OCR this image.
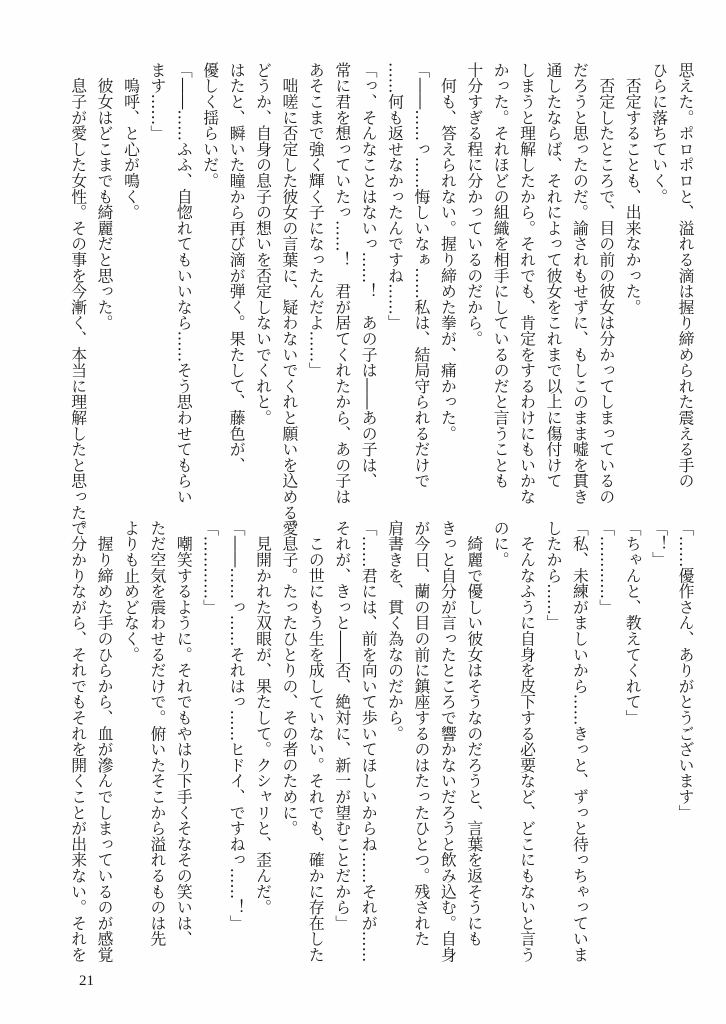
思えた。ポロポロと、溢れる滴は握り締められた震える手の

ひらに落ちていく。

　否定することも、出来なかった。

　否定したところで、目の前の彼女は分かってしまっているの

だろうと思ったのだ。諭されもせずに、もしこのまま嘘を貫き

通したならば、それによって彼女をこれまで以上に傷付けて

しまうと理解したから。それでも、肯定をするわけにもいかな

かった。それほどの組織を相手にしているのだと言うことも

十分すぎる程に分かっているのだから。

　何も、答えられない。握り締めた拳が、痛かった。

「――……っ……悔しいなぁ……私は、結局守られるだけで

……何も返せなかったんですね……」

「っ、そんなことはないっ……！　あの子は――あの子は、

常に君を想っていたっ……！　君が居てくれたから、あの子は

あそこまで強く輝く子になったんだよ……」

　咄嗟に否定した彼女の言葉に、疑わないでくれと願いを込める。

どうか、自身の息子の想いを否定しないでくれと。

はたと、瞬いた瞳から再び滴が弾く。果たして、藤色が、

優しく揺らいだ。

「――……ふふ、自惚れてもいいなら……そう思わせてもらい

ます……」

　嗚呼、と心が鳴く。

　彼女はどこまでも綺麗だと思った。

　息子が愛した女性。その事を今漸く、本当に理解したと思った。

「……優作さん、ありがとうございます」

「！」

「ちゃんと、教えてくれて」

「…………」

「私、未練がましいから……きっと、ずっと待っちゃっていま

したから……」

　そんなふうに自身を皮下する必要など、どこにもないと言う

のに。

　綺麗で優しい彼女はそうなのだろうと、言葉を返そうにも

きっと自分が言ったところで響かないだろうと飲み込む。自身

が今日、蘭の目の前に鎮座するのはたったひとつ。残された

肩書きを、貫く為なのだから。

「……君には、前を向いて歩いてほしいからね……それが……

それが、きっと――否、絶対に、新一が望むことだから」

　この世にもう生を成していない。それでも、確かに存在した

愛息子。たったひとりの、その者のために。

　見開かれた双眼が、果たして。クシャリと、歪んだ。

「――……っ……それはっ……ヒドイ、ですねっ……！」

「…………」

　嘲笑するように。それでもやはり下手くそなその笑いは、

ただ空気を震わせるだけで。俯いたそこから溢れるものは先

よりも止めどなく。

　握り締めた手のひらから、血が滲んでしまっているのが感覚

で分かりながら、それでもそれを開くことが出来ない。それを

21
